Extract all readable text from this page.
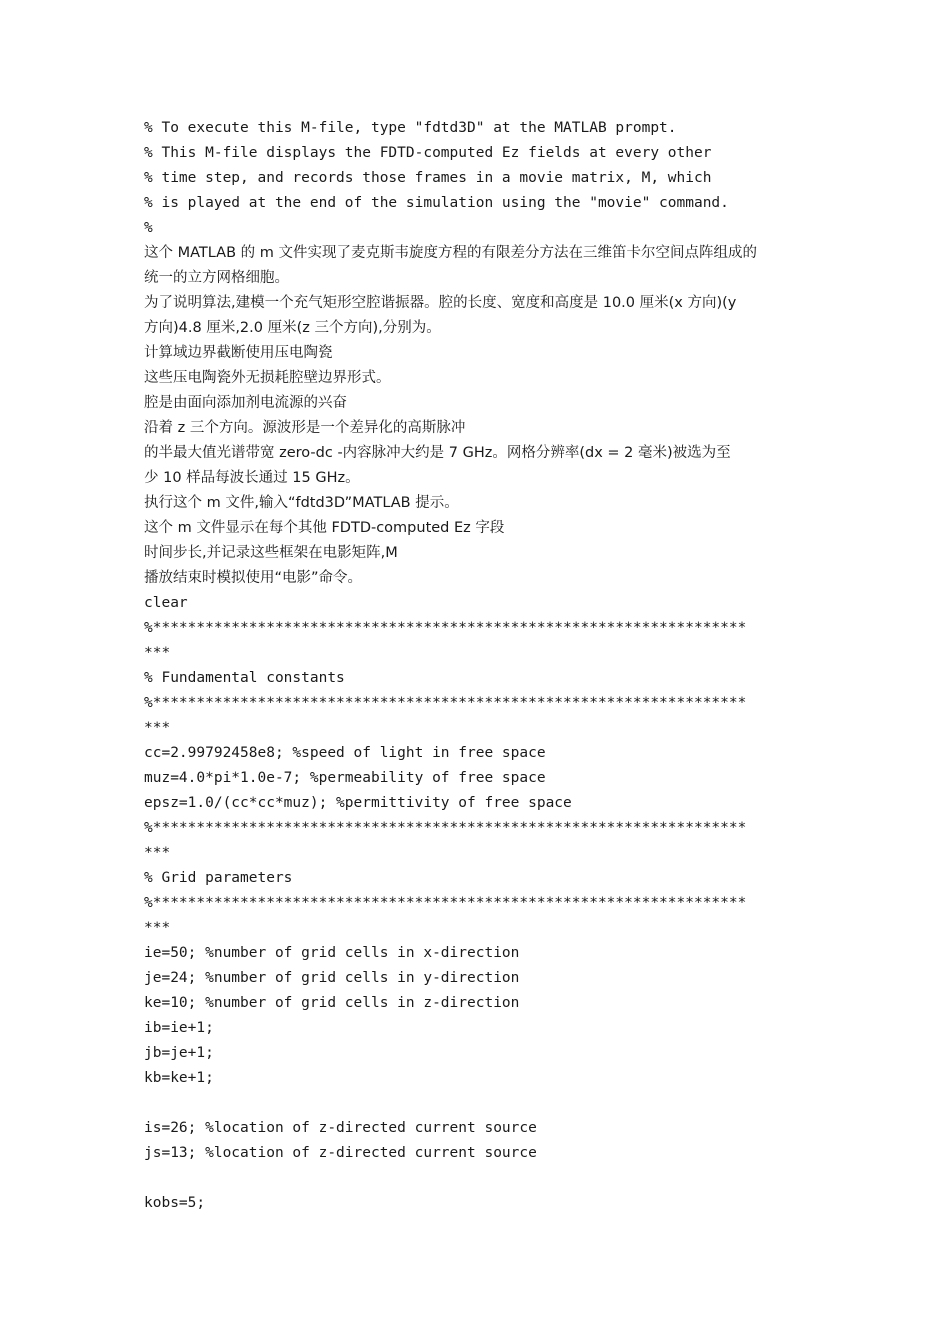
% To execute this M-file, type "fdtd3D" at the MATLAB prompt.
% This M-file displays the FDTD-computed Ez fields at every other
% time step, and records those frames in a movie matrix, M, which
% is played at the end of the simulation using the "movie" command.
%
这个 MATLAB 的 m 文件实现了麦克斯韦旋度方程的有限差分方法在三维笛卡尔空间点阵组成的
统一的立方网格细胞。
为了说明算法,建模一个充气矩形空腔谐振器。腔的长度、宽度和高度是 10.0 厘米(x 方向)(y
方向)4.8 厘米,2.0 厘米(z 三个方向),分别为。
计算域边界截断使用压电陶瓷
这些压电陶瓷外无损耗腔壁边界形式。
腔是由面向添加剂电流源的兴奋
沿着 z 三个方向。源波形是一个差异化的高斯脉冲
的半最大值光谱带宽 zero-dc -内容脉冲大约是 7 GHz。网格分辨率(dx = 2 毫米)被选为至
少 10 样品每波长通过 15 GHz。
执行这个 m 文件,输入“fdtd3D”MATLAB 提示。
这个 m 文件显示在每个其他 FDTD-computed Ez 字段
时间步长,并记录这些框架在电影矩阵,M
播放结束时模拟使用“电影”命令。
clear
%********************************************************************
***
% Fundamental constants
%********************************************************************
***
cc=2.99792458e8; %speed of light in free space
muz=4.0*pi*1.0e-7; %permeability of free space
epsz=1.0/(cc*cc*muz); %permittivity of free space
%********************************************************************
***
% Grid parameters
%********************************************************************
***
ie=50; %number of grid cells in x-direction
je=24; %number of grid cells in y-direction
ke=10; %number of grid cells in z-direction
ib=ie+1;
jb=je+1;
kb=ke+1;
is=26; %location of z-directed current source
js=13; %location of z-directed current source
kobs=5;
